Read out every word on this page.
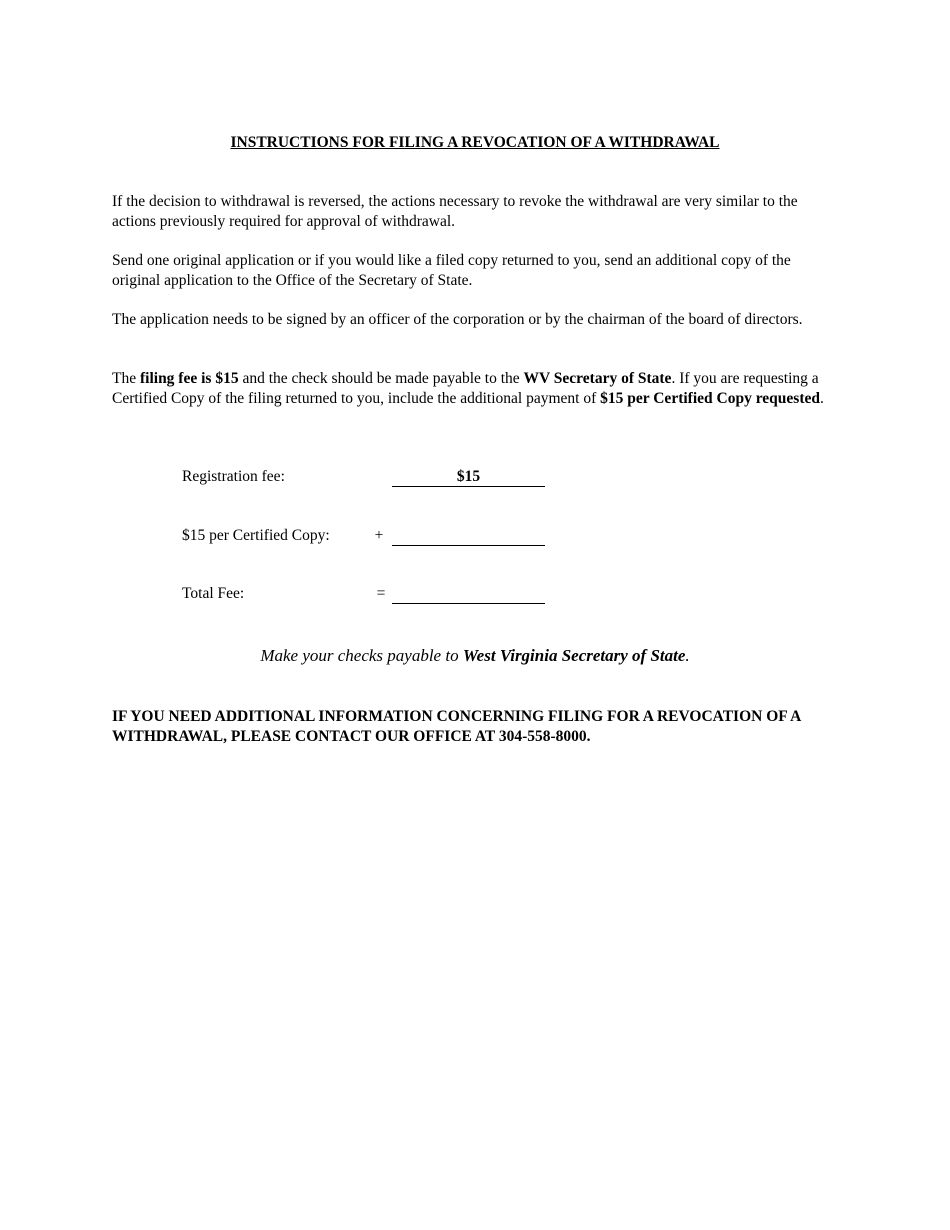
INSTRUCTIONS FOR FILING A REVOCATION OF A WITHDRAWAL

If the decision to withdrawal is reversed, the actions necessary to revoke the withdrawal are very similar to the actions previously required for approval of withdrawal.

Send one original application or if you would like a filed copy returned to you, send an additional copy of the original application to the Office of the Secretary of State.

The application needs to be signed by an officer of the corporation or by the chairman of the board of directors.

The filing fee is $15 and the check should be made payable to the WV Secretary of State. If you are requesting a Certified Copy of the filing returned to you, include the additional payment of $15 per Certified Copy requested.

Registration fee:	$15
$15 per Certified Copy:	+
Total Fee:	=
Make your checks payable to West Virginia Secretary of State.

IF YOU NEED ADDITIONAL INFORMATION CONCERNING FILING FOR A REVOCATION OF A WITHDRAWAL, PLEASE CONTACT OUR OFFICE AT 304-558-8000.
